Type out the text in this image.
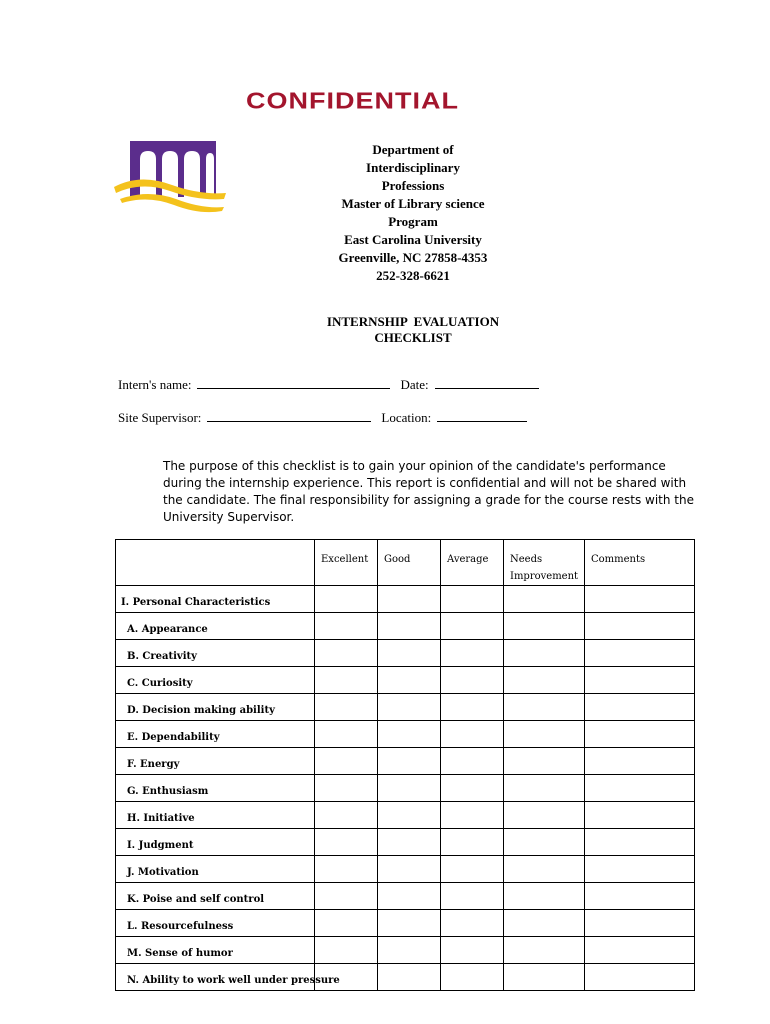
CONFIDENTIAL
Department of
Interdisciplinary
Professions
Master of Library science
Program
East Carolina University
Greenville, NC 27858-4353
252-328-6621
INTERNSHIP  EVALUATION
CHECKLIST
Intern's name:	Date:
Site Supervisor:	Location:
The purpose of this checklist is to gain your opinion of the candidate's performance during the internship experience. This report is confidential and will not be shared with the candidate. The final responsibility for assigning a grade for the course rests with the University Supervisor.
	Excellent	Good	Average	Needs Improvement	Comments
I. Personal Characteristics					
A. Appearance					
B. Creativity					
C. Curiosity					
D. Decision making ability					
E. Dependability					
F. Energy					
G. Enthusiasm					
H. Initiative					
I. Judgment					
J. Motivation					
K. Poise and self control					
L. Resourcefulness					
M. Sense of humor					
N. Ability to work well under pressure					
